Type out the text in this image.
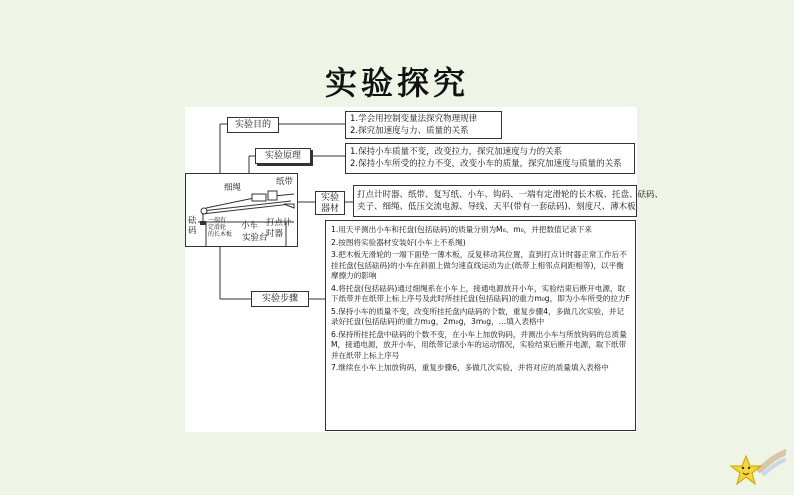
实验探究
实验目的
1.学会用控制变量法探究物理规律
2.探究加速度与力、质量的关系
实验原理	1.保持小车质量不变，改变拉力，探究加速度与力的关系
2.保持小车所受的拉力不变，改变小车的质量，探究加速度与质量的关系
细绳
纸带
砝
码
一端有
定滑轮
的长木板
小车 打点计
时器
实验台
实验
器材
打点计时器、纸带、复写纸、小车、钩码、一端有定滑轮的长木板、托盘、砝码、
夹子、细绳、低压交流电源、导线、天平(带有一套砝码)、刻度尺、薄木板
实验步骤
1.用天平测出小车和托盘(包括砝码)的质量分别为M₀、m₀，并把数值记录下来
2.按图将实验器材安装好(小车上不系绳)
3.把木板无滑轮的一端下面垫一薄木板，反复移动其位置，直到打点计时器正常工作后不挂托盘(包括砝码)的小车在斜面上做匀速直线运动为止(纸带上相邻点间距相等)，以平衡摩擦力的影响
4.将托盘(包括砝码)通过细绳系在小车上，接通电源放开小车，实验结束后断开电源，取下纸带并在纸带上标上序号及此时所挂托盘(包括砝码)的重力m₀g，即为小车所受的拉力F
5.保持小车的质量不变，改变所挂托盘内砝码的个数，重复步骤4，多做几次实验，并记录好托盘(包括砝码)的重力m₁g，2m₀g，3m₀g，…填入表格中
6.保持所挂托盘中砝码的个数不变，在小车上加放钩码，并测出小车与所放钩码的总质量M，接通电源，放开小车，用纸带记录小车的运动情况，实验结束后断开电源，取下纸带并在纸带上标上序号
7.继续在小车上加放钩码，重复步骤6，多做几次实验，并将对应的质量填入表格中
